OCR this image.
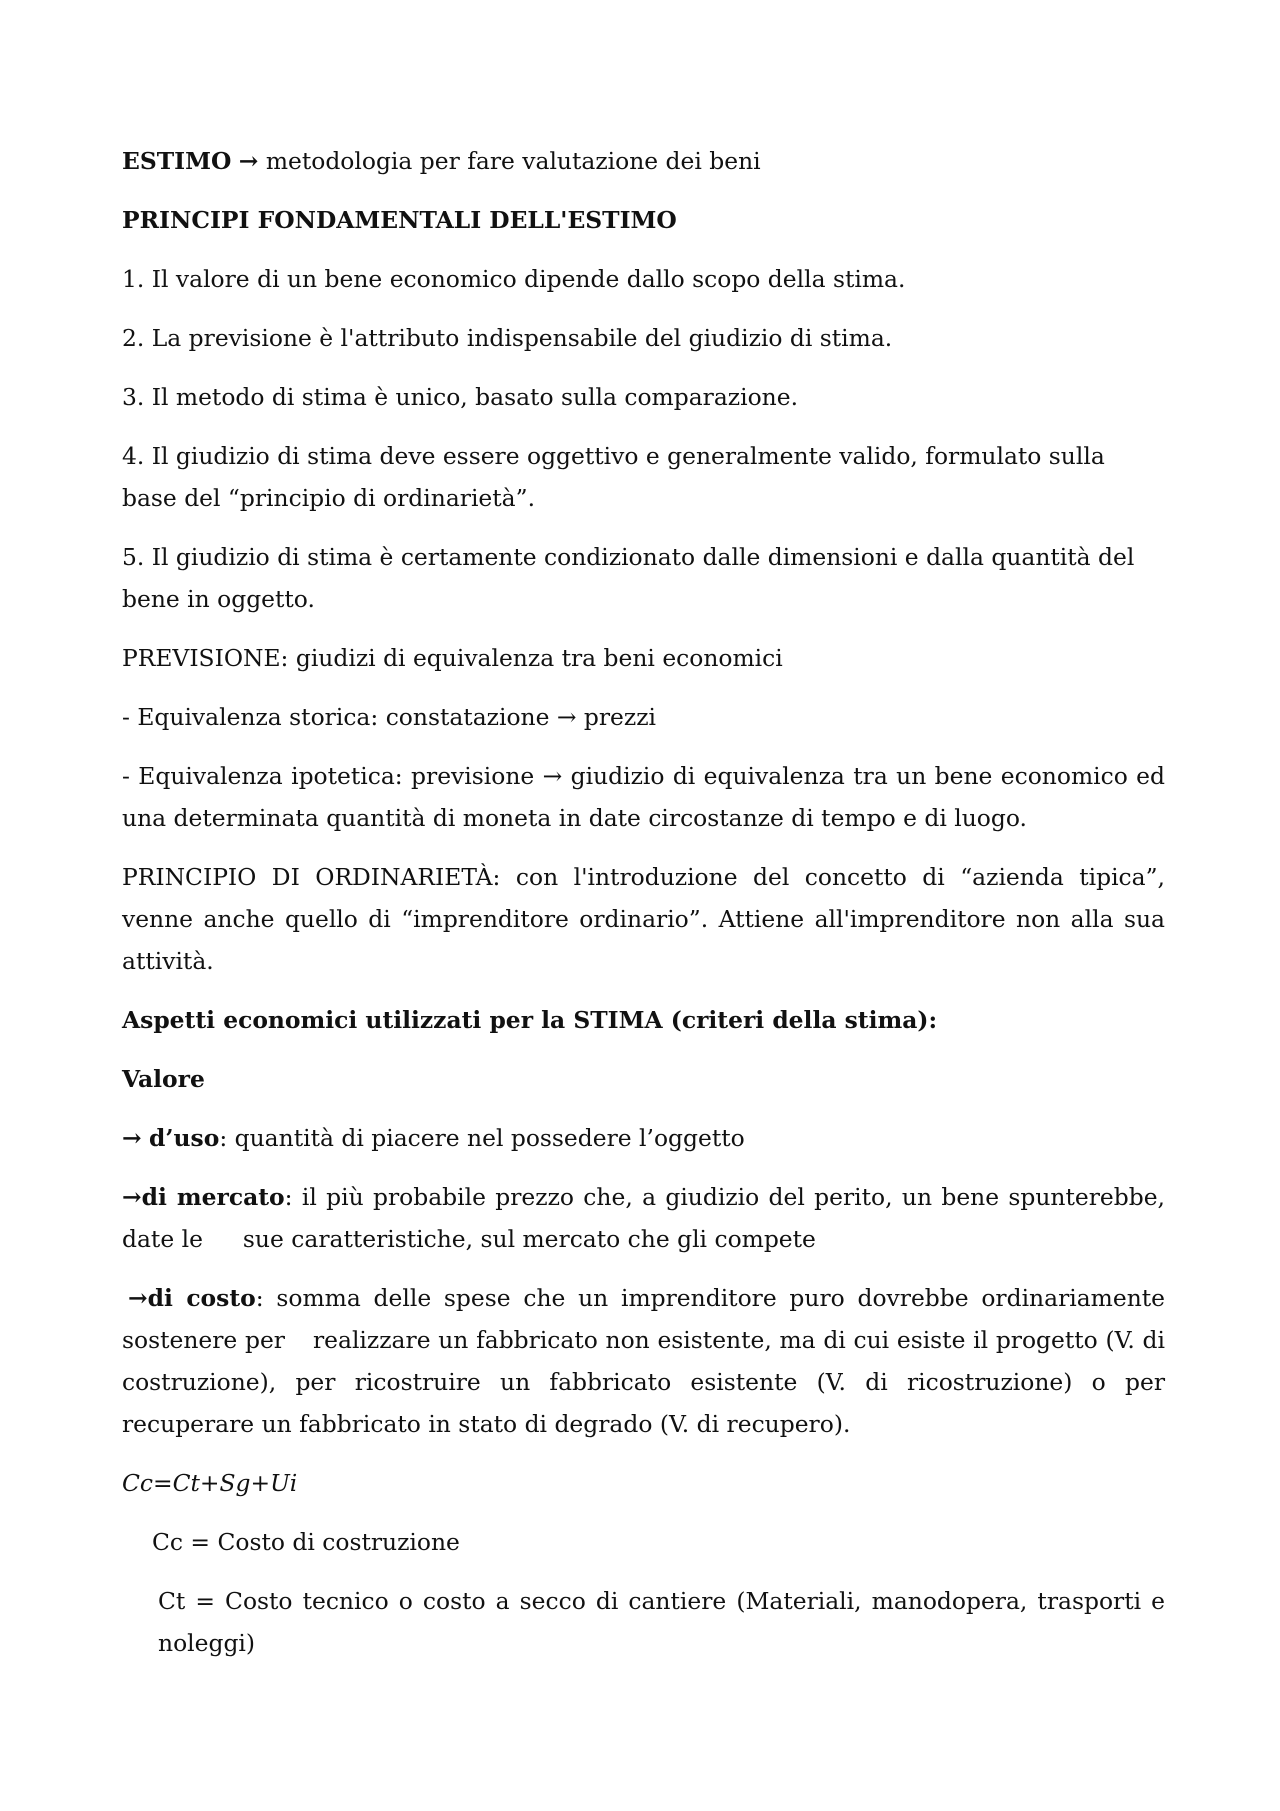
ESTIMO → metodologia per fare valutazione dei beni

PRINCIPI FONDAMENTALI DELL'ESTIMO

1. Il valore di un bene economico dipende dallo scopo della stima.

2. La previsione è l'attributo indispensabile del giudizio di stima.

3. Il metodo di stima è unico, basato sulla comparazione.

4. Il giudizio di stima deve essere oggettivo e generalmente valido, formulato sulla base del “principio di ordinarietà”.

5. Il giudizio di stima è certamente condizionato dalle dimensioni e dalla quantità del bene in oggetto.

PREVISIONE: giudizi di equivalenza tra beni economici

- Equivalenza storica: constatazione → prezzi

- Equivalenza ipotetica: previsione → giudizio di equivalenza tra un bene economico ed una determinata quantità di moneta in date circostanze di tempo e di luogo.

PRINCIPIO DI ORDINARIETÀ: con l'introduzione del concetto di “azienda tipica”, venne anche quello di “imprenditore ordinario”. Attiene all'imprenditore non alla sua attività.

Aspetti economici utilizzati per la STIMA (criteri della stima):

Valore

→ d’uso: quantità di piacere nel possedere l’oggetto

→di mercato: il più probabile prezzo che, a giudizio del perito, un bene spunterebbe, date le sue caratteristiche, sul mercato che gli compete

→di costo: somma delle spese che un imprenditore puro dovrebbe ordinariamente sostenere per realizzare un fabbricato non esistente, ma di cui esiste il progetto (V. di costruzione), per ricostruire un fabbricato esistente (V. di ricostruzione) o per recuperare un fabbricato in stato di degrado (V. di recupero).

Cc=Ct+Sg+Ui

Cc = Costo di costruzione

Ct = Costo tecnico o costo a secco di cantiere (Materiali, manodopera, trasporti e noleggi)
